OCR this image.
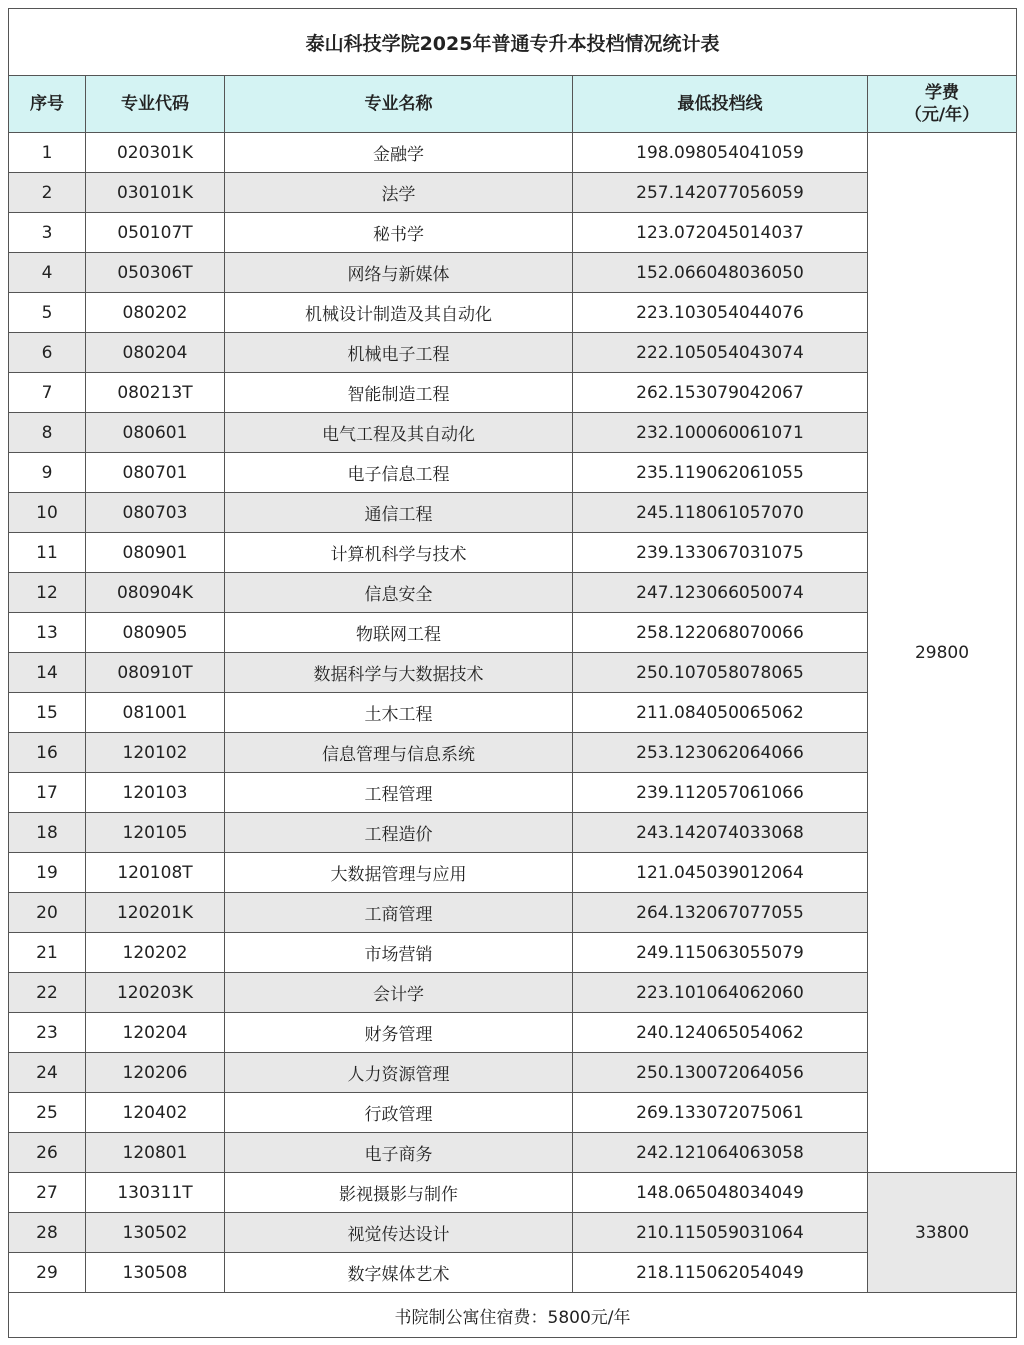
泰山科技学院2025年普通专升本投档情况统计表				
序号	专业代码	专业名称	最低投档线	学费
（元/年）

1	020301K	金融学	198.098054041059	29800
2	030101K	法学	257.142077056059	
3	050107T	秘书学	123.072045014037	
4	050306T	网络与新媒体	152.066048036050	
5	080202	机械设计制造及其自动化	223.103054044076	
6	080204	机械电子工程	222.105054043074	
7	080213T	智能制造工程	262.153079042067	
8	080601	电气工程及其自动化	232.100060061071	
9	080701	电子信息工程	235.119062061055	
10	080703	通信工程	245.118061057070	
11	080901	计算机科学与技术	239.133067031075	
12	080904K	信息安全	247.123066050074	
13	080905	物联网工程	258.122068070066	
14	080910T	数据科学与大数据技术	250.107058078065	
15	081001	土木工程	211.084050065062	
16	120102	信息管理与信息系统	253.123062064066	
17	120103	工程管理	239.112057061066	
18	120105	工程造价	243.142074033068	
19	120108T	大数据管理与应用	121.045039012064	
20	120201K	工商管理	264.132067077055	
21	120202	市场营销	249.115063055079	
22	120203K	会计学	223.101064062060	
23	120204	财务管理	240.124065054062	
24	120206	人力资源管理	250.130072064056	
25	120402	行政管理	269.133072075061	
26	120801	电子商务	242.121064063058	
27	130311T	影视摄影与制作	148.065048034049	33800
28	130502	视觉传达设计	210.115059031064	
29	130508	数字媒体艺术	218.115062054049	
书院制公寓住宿费：5800元/年				
